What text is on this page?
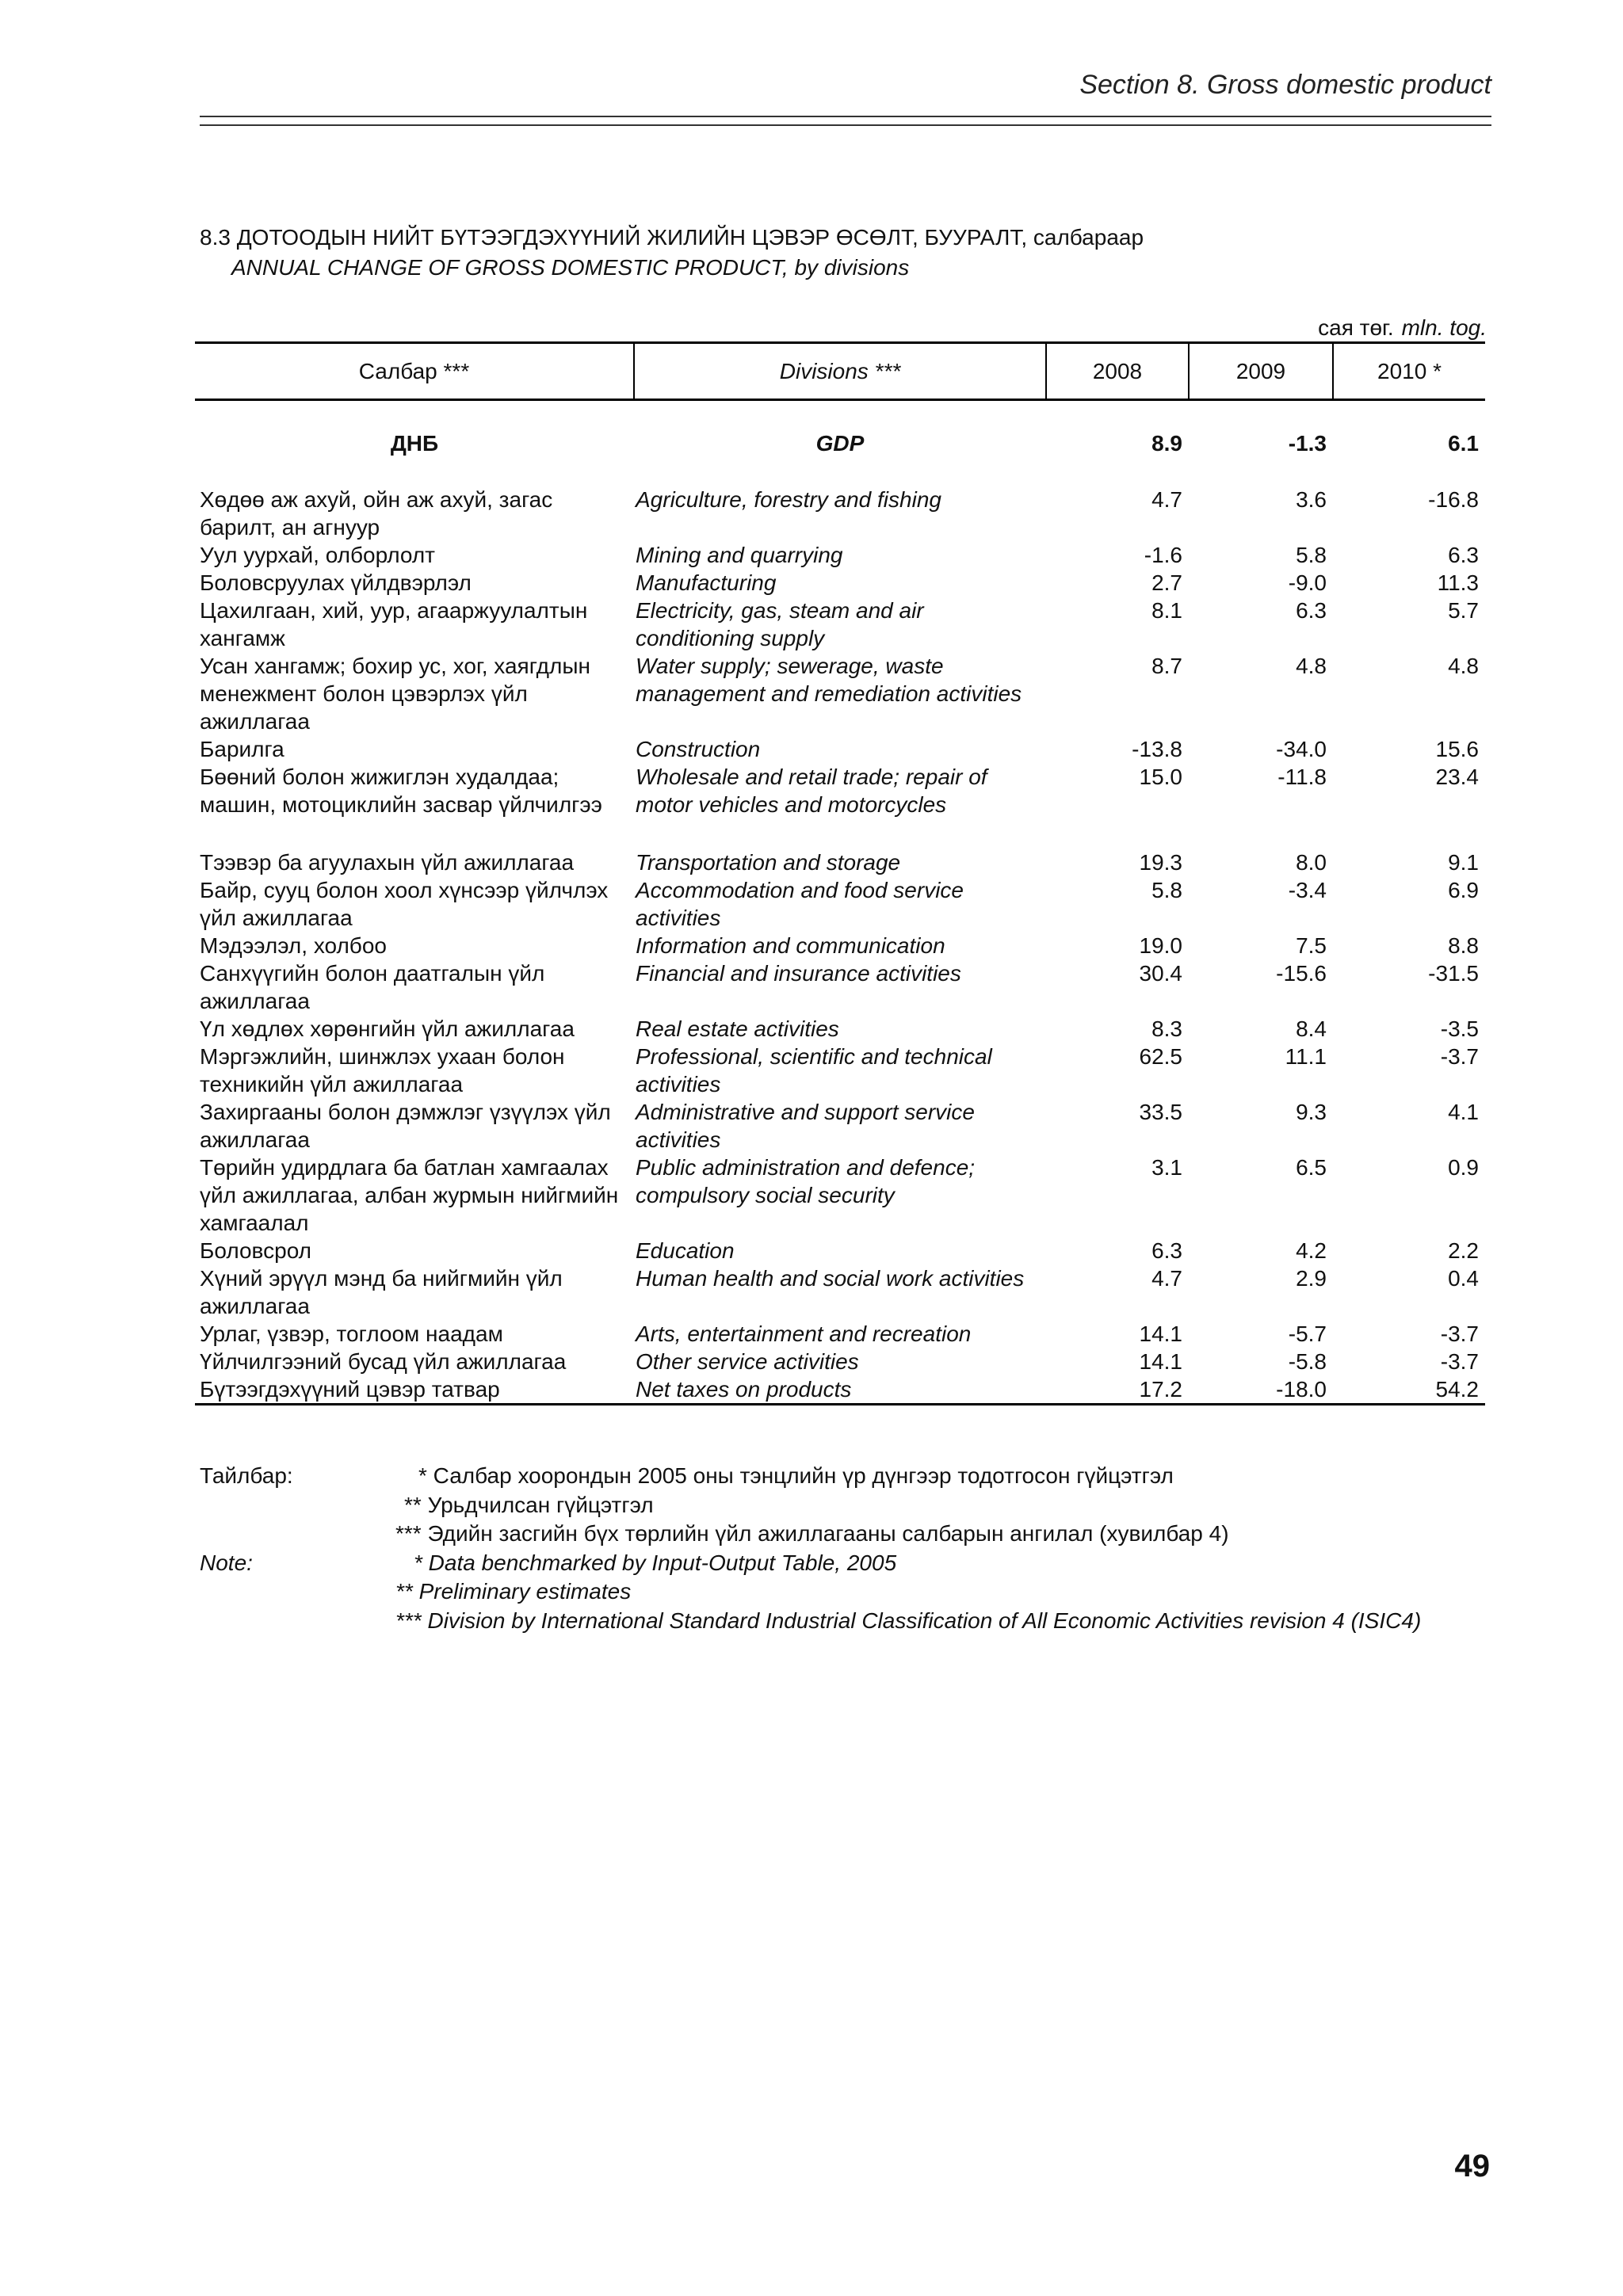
Section 8. Gross domestic product
8.3 ДОТООДЫН НИЙТ БҮТЭЭГДЭХҮҮНИЙ ЖИЛИЙН ЦЭВЭР ӨСӨЛТ, БУУРАЛТ, салбараар
ANNUAL CHANGE OF GROSS DOMESTIC PRODUCT, by divisions
сая төг. mln. tog.
Салбар ***	Divisions ***	2008	2009	2010 *
ДНБ	GDP	8.9	-1.3	6.1
Хөдөө аж ахуй, ойн аж ахуй, загас барилт, ан агнуур	Agriculture, forestry and fishing	4.7	3.6	-16.8
Уул уурхай, олборлолт	Mining and quarrying	-1.6	5.8	6.3
Боловсруулах үйлдвэрлэл	Manufacturing	2.7	-9.0	11.3
Цахилгаан, хий, уур, агааржуулалтын хангамж	Electricity, gas, steam and air conditioning supply	8.1	6.3	5.7
Усан хангамж; бохир ус, хог, хаягдлын менежмент болон цэвэрлэх үйл ажиллагаа	Water supply; sewerage, waste management and remediation activities	8.7	4.8	4.8
Барилга	Construction	-13.8	-34.0	15.6
Бөөний болон жижиглэн худалдаа; машин, мотоциклийн засвар үйлчилгээ	Wholesale and retail trade; repair of motor vehicles and motorcycles	15.0	-11.8	23.4
Тээвэр ба агуулахын үйл ажиллагаа	Transportation and storage	19.3	8.0	9.1
Байр, сууц болон хоол хүнсээр үйлчлэх үйл ажиллагаа	Accommodation and food service activities	5.8	-3.4	6.9
Мэдээлэл, холбоо	Information and communication	19.0	7.5	8.8
Санхүүгийн болон даатгалын үйл ажиллагаа	Financial and insurance activities	30.4	-15.6	-31.5
Үл хөдлөх хөрөнгийн үйл ажиллагаа	Real estate activities	8.3	8.4	-3.5
Мэргэжлийн, шинжлэх ухаан болон техникийн үйл ажиллагаа	Professional, scientific and technical activities	62.5	11.1	-3.7
Захиргааны болон дэмжлэг үзүүлэх үйл ажиллагаа	Administrative and support service activities	33.5	9.3	4.1
Төрийн удирдлага ба батлан хамгаалах үйл ажиллагаа, албан журмын нийгмийн хамгаалал	Public administration and defence; compulsory social security	3.1	6.5	0.9
Боловсрол	Education	6.3	4.2	2.2
Хүний эрүүл мэнд ба нийгмийн үйл ажиллагаа	Human health and social work activities	4.7	2.9	0.4
Урлаг, үзвэр, тоглоом наадам	Arts, entertainment and recreation	14.1	-5.7	-3.7
Үйлчилгээний бусад үйл ажиллагаа	Other service activities	14.1	-5.8	-3.7
Бүтээгдэхүүний цэвэр татвар	Net taxes on products	17.2	-18.0	54.2
Тайлбар:	* Салбар хоорондын 2005 оны тэнцлийн үр дүнгээр тодотгосон гүйцэтгэл
** Урьдчилсан гүйцэтгэл
*** Эдийн засгийн бүх төрлийн үйл ажиллагааны салбарын ангилал (хувилбар 4)
Note:	* Data benchmarked by Input-Output Table, 2005
** Preliminary estimates
*** Division by International Standard Industrial Classification of All Economic Activities revision 4 (ISIC4)
49
